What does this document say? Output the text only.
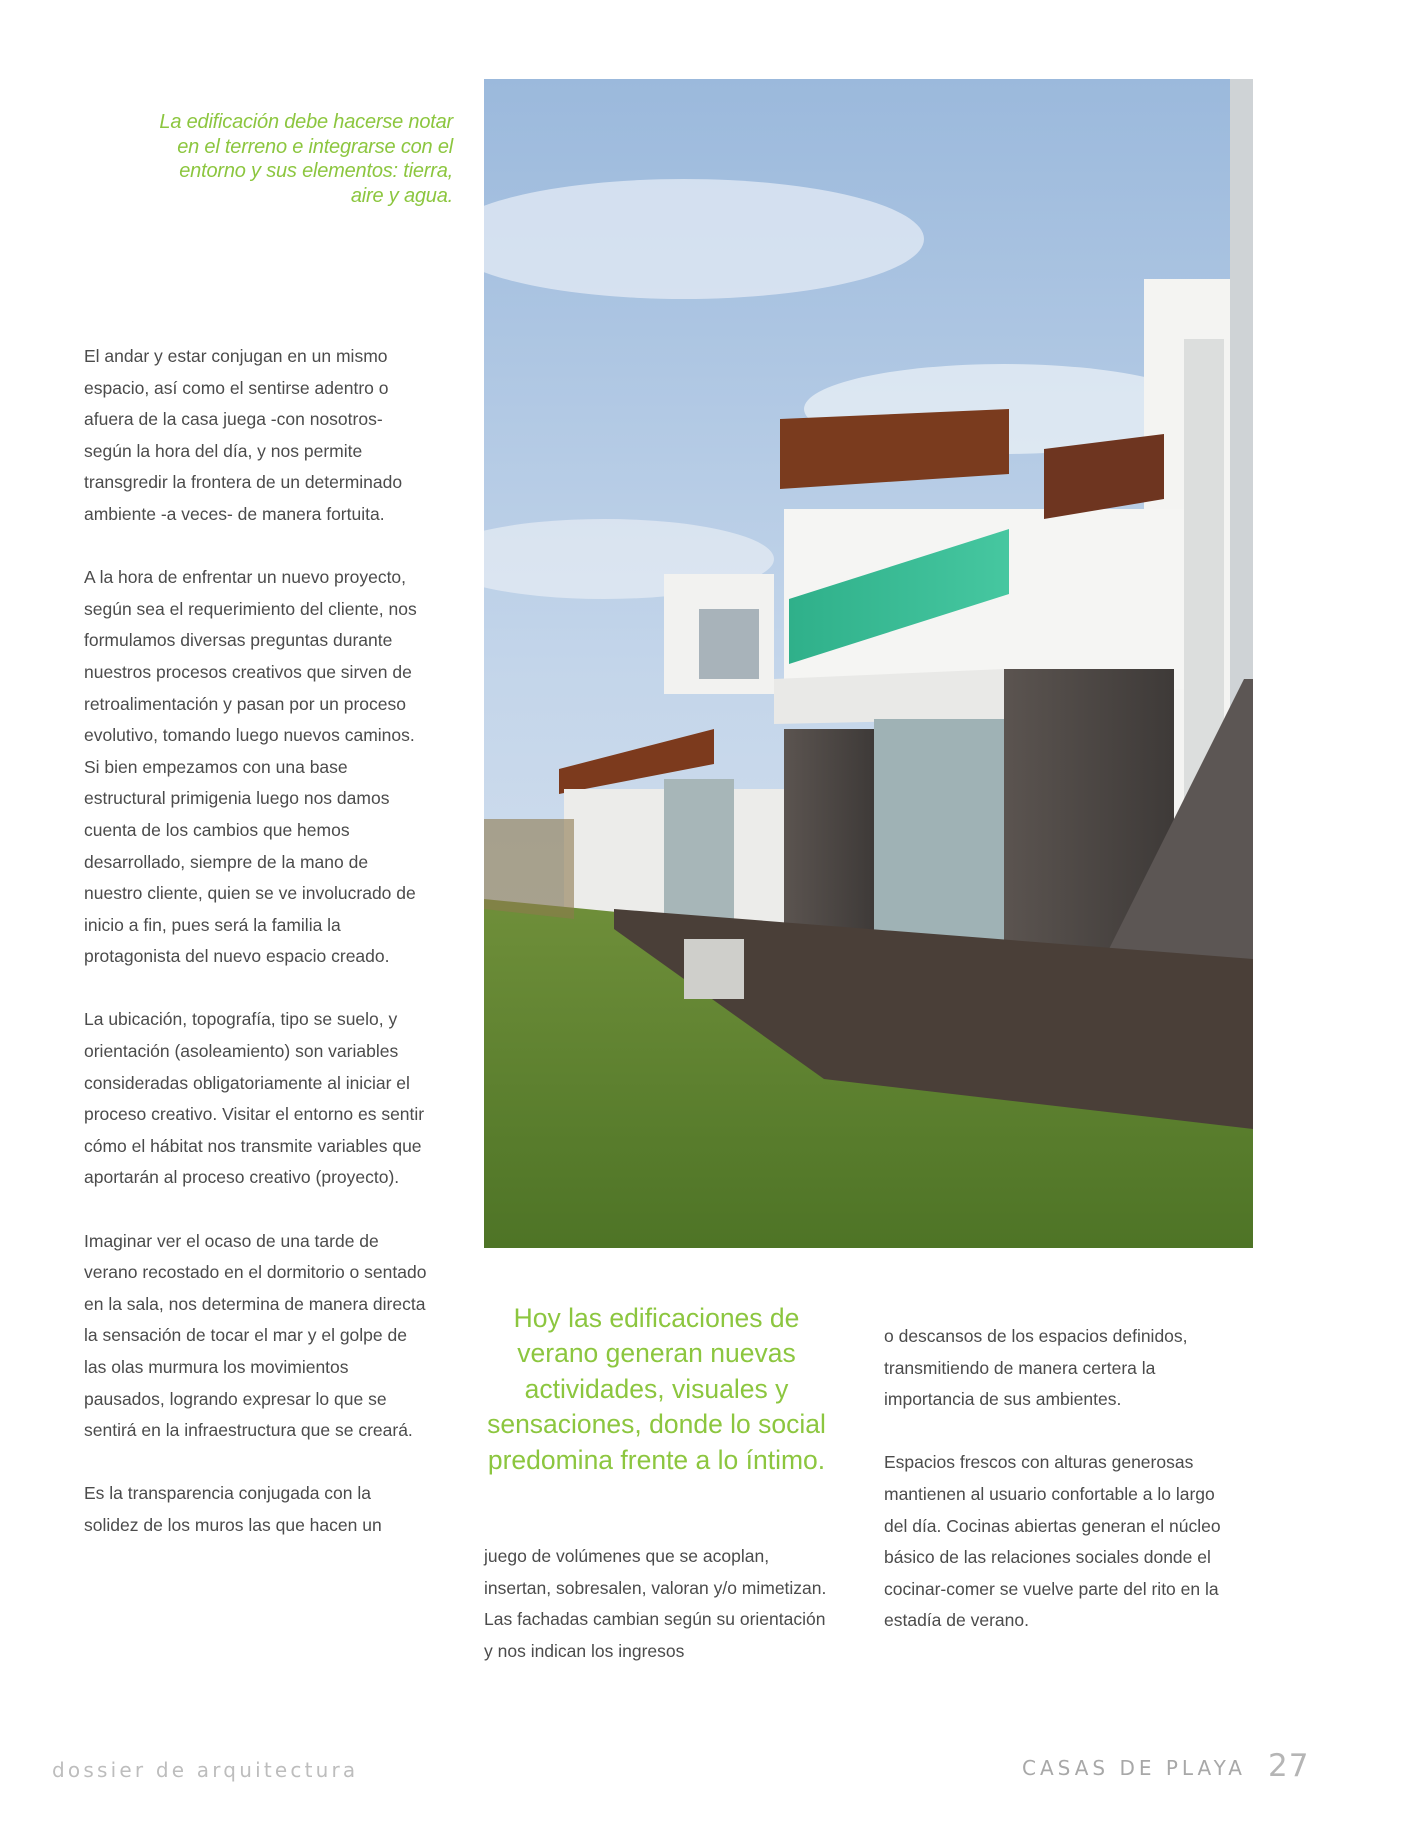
La edificación debe hacerse notar en el terreno e integrarse con el entorno y sus elementos: tierra, aire y agua.

El andar y estar conjugan en un mismo espacio, así como el sentirse adentro o afuera de la casa juega -con nosotros- según la hora del día, y nos permite transgredir la frontera de un determinado ambiente -a veces- de manera fortuita.

A la hora de enfrentar un nuevo proyecto, según sea el requerimiento del cliente, nos formulamos diversas preguntas durante nuestros procesos creativos que sirven de retroalimentación y pasan por un proceso evolutivo, tomando luego nuevos caminos. Si bien empezamos con una base estructural primigenia luego nos damos cuenta de los cambios que hemos desarrollado, siempre de la mano de nuestro cliente, quien se ve involucrado de inicio a fin, pues será la familia la protagonista del nuevo espacio creado.

La ubicación, topografía, tipo se suelo, y orientación (asoleamiento) son variables consideradas obligatoriamente al iniciar el proceso creativo. Visitar el entorno es sentir cómo el hábitat nos transmite variables que aportarán al proceso creativo (proyecto).

Imaginar ver el ocaso de una tarde de verano recostado en el dormitorio o sentado en la sala, nos determina de manera directa la sensación de tocar el mar y el golpe de las olas murmura los movimientos pausados, logrando expresar lo que se sentirá en la infraestructura que se creará.

Es la transparencia conjugada con la solidez de los muros las que hacen un

Hoy las edificaciones de verano generan nuevas actividades, visuales y sensaciones, donde lo social predomina frente a lo íntimo.

juego de volúmenes que se acoplan, insertan, sobresalen, valoran y/o mimetizan. Las fachadas cambian según su orientación y nos indican los ingresos

o descansos de los espacios definidos, transmitiendo de manera certera la importancia de sus ambientes.

Espacios frescos con alturas generosas mantienen al usuario confortable a lo largo del día. Cocinas abiertas generan el núcleo básico de las relaciones sociales donde el cocinar-comer se vuelve parte del rito en la estadía de verano.

dossier de arquitectura	CASAS DE PLAYA 27
